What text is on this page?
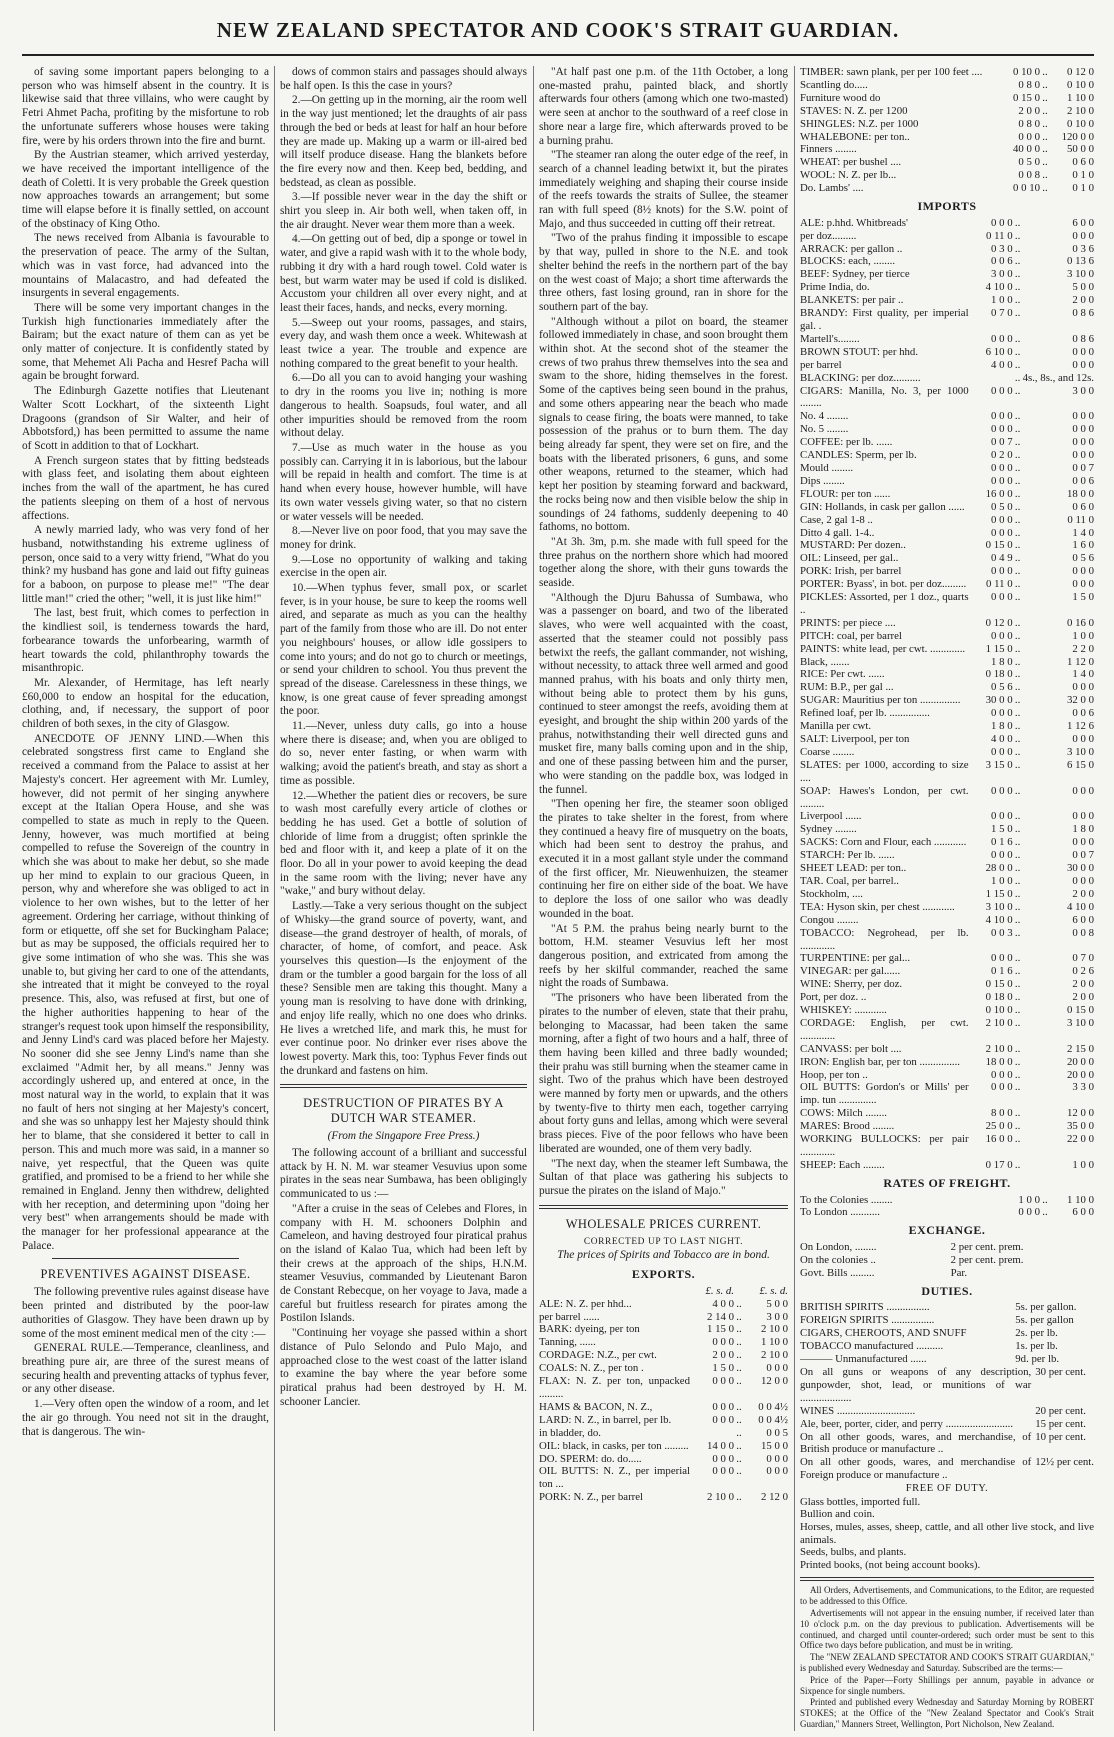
NEW ZEALAND SPECTATOR AND COOK'S STRAIT GUARDIAN.

of saving some important papers belonging to a person who was himself absent in the country. It is likewise said that three villains, who were caught by Fetri Ahmet Pacha, profiting by the misfortune to rob the unfortunate sufferers whose houses were taking fire, were by his orders thrown into the fire and burnt.

By the Austrian steamer, which arrived yesterday, we have received the important intelligence of the death of Coletti. It is very probable the Greek question now approaches towards an arrangement; but some time will elapse before it is finally settled, on account of the obstinacy of King Otho.

The news received from Albania is favourable to the preservation of peace. The army of the Sultan, which was in vast force, had advanced into the mountains of Malacastro, and had defeated the insurgents in several engagements.

There will be some very important changes in the Turkish high functionaries immediately after the Bairam; but the exact nature of them can as yet be only matter of conjecture. It is confidently stated by some, that Mehemet Ali Pacha and Hesref Pacha will again be brought forward.

The Edinburgh Gazette notifies that Lieutenant Walter Scott Lockhart, of the sixteenth Light Dragoons (grandson of Sir Walter, and heir of Abbotsford,) has been permitted to assume the name of Scott in addition to that of Lockhart.

A French surgeon states that by fitting bedsteads with glass feet, and isolating them about eighteen inches from the wall of the apartment, he has cured the patients sleeping on them of a host of nervous affections.

A newly married lady, who was very fond of her husband, notwithstanding his extreme ugliness of person, once said to a very witty friend, "What do you think? my husband has gone and laid out fifty guineas for a baboon, on purpose to please me!" "The dear little man!" cried the other; "well, it is just like him!"

The last, best fruit, which comes to perfection in the kindliest soil, is tenderness towards the hard, forbearance towards the unforbearing, warmth of heart towards the cold, philanthrophy towards the misanthropic.

Mr. Alexander, of Hermitage, has left nearly £60,000 to endow an hospital for the education, clothing, and, if necessary, the support of poor children of both sexes, in the city of Glasgow.

ANECDOTE OF JENNY LIND.—When this celebrated songstress first came to England she received a command from the Palace to assist at her Majesty's concert. Her agreement with Mr. Lumley, however, did not permit of her singing anywhere except at the Italian Opera House, and she was compelled to state as much in reply to the Queen. Jenny, however, was much mortified at being compelled to refuse the Sovereign of the country in which she was about to make her debut, so she made up her mind to explain to our gracious Queen, in person, why and wherefore she was obliged to act in violence to her own wishes, but to the letter of her agreement. Ordering her carriage, without thinking of form or etiquette, off she set for Buckingham Palace; but as may be supposed, the officials required her to give some intimation of who she was. This she was unable to, but giving her card to one of the attendants, she intreated that it might be conveyed to the royal presence. This, also, was refused at first, but one of the higher authorities happening to hear of the stranger's request took upon himself the responsibility, and Jenny Lind's card was placed before her Majesty. No sooner did she see Jenny Lind's name than she exclaimed "Admit her, by all means." Jenny was accordingly ushered up, and entered at once, in the most natural way in the world, to explain that it was no fault of hers not singing at her Majesty's concert, and she was so unhappy lest her Majesty should think her to blame, that she considered it better to call in person. This and much more was said, in a manner so naive, yet respectful, that the Queen was quite gratified, and promised to be a friend to her while she remained in England. Jenny then withdrew, delighted with her reception, and determining upon "doing her very best" when arrangements should be made with the manager for her professional appearance at the Palace.

PREVENTIVES AGAINST DISEASE.

The following preventive rules against disease have been printed and distributed by the poor-law authorities of Glasgow. They have been drawn up by some of the most eminent medical men of the city :—

GENERAL RULE.—Temperance, cleanliness, and breathing pure air, are three of the surest means of securing health and preventing attacks of typhus fever, or any other disease.

1.—Very often open the window of a room, and let the air go through. You need not sit in the draught, that is dangerous. The win-

dows of common stairs and passages should always be half open. Is this the case in yours?

2.—On getting up in the morning, air the room well in the way just mentioned; let the draughts of air pass through the bed or beds at least for half an hour before they are made up. Making up a warm or ill-aired bed will itself produce disease. Hang the blankets before the fire every now and then. Keep bed, bedding, and bedstead, as clean as possible.

3.—If possible never wear in the day the shift or shirt you sleep in. Air both well, when taken off, in the air draught. Never wear them more than a week.

4.—On getting out of bed, dip a sponge or towel in water, and give a rapid wash with it to the whole body, rubbing it dry with a hard rough towel. Cold water is best, but warm water may be used if cold is disliked. Accustom your children all over every night, and at least their faces, hands, and necks, every morning.

5.—Sweep out your rooms, passages, and stairs, every day, and wash them once a week. Whitewash at least twice a year. The trouble and expence are nothing compared to the great benefit to your health.

6.—Do all you can to avoid hanging your washing to dry in the rooms you live in; nothing is more dangerous to health. Soapsuds, foul water, and all other impurities should be removed from the room without delay.

7.—Use as much water in the house as you possibly can. Carrying it in is laborious, but the labour will be repaid in health and comfort. The time is at hand when every house, however humble, will have its own water vessels giving water, so that no cistern or water vessels will be needed.

8.—Never live on poor food, that you may save the money for drink.

9.—Lose no opportunity of walking and taking exercise in the open air.

10.—When typhus fever, small pox, or scarlet fever, is in your house, be sure to keep the rooms well aired, and separate as much as you can the healthy part of the family from those who are ill. Do not enter you neighbours' houses, or allow idle gossipers to come into yours; and do not go to church or meetings, or send your children to school. You thus prevent the spread of the disease. Carelessness in these things, we know, is one great cause of fever spreading amongst the poor.

11.—Never, unless duty calls, go into a house where there is disease; and, when you are obliged to do so, never enter fasting, or when warm with walking; avoid the patient's breath, and stay as short a time as possible.

12.—Whether the patient dies or recovers, be sure to wash most carefully every article of clothes or bedding he has used. Get a bottle of solution of chloride of lime from a druggist; often sprinkle the bed and floor with it, and keep a plate of it on the floor. Do all in your power to avoid keeping the dead in the same room with the living; never have any "wake," and bury without delay.

Lastly.—Take a very serious thought on the subject of Whisky—the grand source of poverty, want, and disease—the grand destroyer of health, of morals, of character, of home, of comfort, and peace. Ask yourselves this question—Is the enjoyment of the dram or the tumbler a good bargain for the loss of all these? Sensible men are taking this thought. Many a young man is resolving to have done with drinking, and enjoy life really, which no one does who drinks. He lives a wretched life, and mark this, he must for ever continue poor. No drinker ever rises above the lowest poverty. Mark this, too: Typhus Fever finds out the drunkard and fastens on him.

DESTRUCTION OF PIRATES BY A DUTCH WAR STEAMER.
(From the Singapore Free Press.)

The following account of a brilliant and successful attack by H. N. M. war steamer Vesuvius upon some pirates in the seas near Sumbawa, has been obligingly communicated to us :—

"After a cruise in the seas of Celebes and Flores, in company with H. M. schooners Dolphin and Cameleon, and having destroyed four piratical prahus on the island of Kalao Tua, which had been left by their crews at the approach of the ships, H.N.M. steamer Vesuvius, commanded by Lieutenant Baron de Constant Rebecque, on her voyage to Java, made a careful but fruitless research for pirates among the Postilon Islands.

"Continuing her voyage she passed within a short distance of Pulo Selondo and Pulo Majo, and approached close to the west coast of the latter island to examine the bay where the year before some piratical prahus had been destroyed by H. M. schooner Lancier.

"At half past one p.m. of the 11th October, a long one-masted prahu, painted black, and shortly afterwards four others (among which one two-masted) were seen at anchor to the southward of a reef close in shore near a large fire, which afterwards proved to be a burning prahu.

"The steamer ran along the outer edge of the reef, in search of a channel leading betwixt it, but the pirates immediately weighing and shaping their course inside of the reefs towards the straits of Sullee, the steamer ran with full speed (8½ knots) for the S.W. point of Majo, and thus succeeded in cutting off their retreat.

"Two of the prahus finding it impossible to escape by that way, pulled in shore to the N.E. and took shelter behind the reefs in the northern part of the bay on the west coast of Majo; a short time afterwards the three others, fast losing ground, ran in shore for the southern part of the bay.

"Although without a pilot on board, the steamer followed immediately in chase, and soon brought them within shot. At the second shot of the steamer the crews of two prahus threw themselves into the sea and swam to the shore, hiding themselves in the forest. Some of the captives being seen bound in the prahus, and some others appearing near the beach who made signals to cease firing, the boats were manned, to take possession of the prahus or to burn them. The day being already far spent, they were set on fire, and the boats with the liberated prisoners, 6 guns, and some other weapons, returned to the steamer, which had kept her position by steaming forward and backward, the rocks being now and then visible below the ship in soundings of 24 fathoms, suddenly deepening to 40 fathoms, no bottom.

"At 3h. 3m, p.m. she made with full speed for the three prahus on the northern shore which had moored together along the shore, with their guns towards the seaside.

"Although the Djuru Bahussa of Sumbawa, who was a passenger on board, and two of the liberated slaves, who were well acquainted with the coast, asserted that the steamer could not possibly pass betwixt the reefs, the gallant commander, not wishing, without necessity, to attack three well armed and good manned prahus, with his boats and only thirty men, without being able to protect them by his guns, continued to steer amongst the reefs, avoiding them at eyesight, and brought the ship within 200 yards of the prahus, notwithstanding their well directed guns and musket fire, many balls coming upon and in the ship, and one of these passing between him and the purser, who were standing on the paddle box, was lodged in the funnel.

"Then opening her fire, the steamer soon obliged the pirates to take shelter in the forest, from where they continued a heavy fire of musquetry on the boats, which had been sent to destroy the prahus, and executed it in a most gallant style under the command of the first officer, Mr. Nieuwenhuizen, the steamer continuing her fire on either side of the boat. We have to deplore the loss of one sailor who was deadly wounded in the boat.

"At 5 P.M. the prahus being nearly burnt to the bottom, H.M. steamer Vesuvius left her most dangerous position, and extricated from among the reefs by her skilful commander, reached the same night the roads of Sumbawa.

"The prisoners who have been liberated from the pirates to the number of eleven, state that their prahu, belonging to Macassar, had been taken the same morning, after a fight of two hours and a half, three of them having been killed and three badly wounded; their prahu was still burning when the steamer came in sight. Two of the prahus which have been destroyed were manned by forty men or upwards, and the others by twenty-five to thirty men each, together carrying about forty guns and lellas, among which were several brass pieces. Five of the poor fellows who have been liberated are wounded, one of them very badly.

"The next day, when the steamer left Sumbawa, the Sultan of that place was gathering his subjects to pursue the pirates on the island of Majo."

WHOLESALE PRICES CURRENT.
CORRECTED UP TO LAST NIGHT.
The prices of Spirits and Tobacco are in bond.
EXPORTS.
	£. s. d.		£. s. d.
ALE: N. Z. per hhd...	4 0 0	..	5 0 0
per barrel ......	2 14 0	..	3 0 0
BARK: dyeing, per ton	1 15 0	..	2 10 0
Tanning, ......	0 0 0	..	1 10 0
CORDAGE: N.Z., per cwt.	2 0 0	..	2 10 0
COALS: N. Z., per ton .	1 5 0	..	0 0 0
FLAX: N. Z. per ton, unpacked .........	0 0 0	..	12 0 0
HAMS & BACON, N. Z.,	0 0 0	..	0 0 4½
LARD: N. Z., in barrel, per lb.	0 0 0	..	0 0 4½
in bladder, do.		..	0 0 5
OIL: black, in casks, per ton .........	14 0 0	..	15 0 0
DO. SPERM: do. do.....	0 0 0	..	0 0 0
OIL BUTTS: N. Z., per imperial ton ...	0 0 0	..	0 0 0
PORK: N. Z., per barrel	2 10 0	..	2 12 0
TIMBER: sawn plank, per per 100 feet ....	0 10 0	..	0 12 0
Scantling do.....	0 8 0	..	0 10 0
Furniture wood do	0 15 0	..	1 10 0
STAVES: N. Z. per 1200	2 0 0	..	2 10 0
SHINGLES: N.Z. per 1000	0 8 0	..	0 10 0
WHALEBONE: per ton..	0 0 0	..	120 0 0
Finners ........	40 0 0	..	50 0 0
WHEAT: per bushel ....	0 5 0	..	0 6 0
WOOL: N. Z. per lb...	0 0 8	..	0 1 0
Do. Lambs' ....	0 0 10	..	0 1 0
IMPORTS
ALE: p.hhd. Whitbreads'	0 0 0	..	6 0 0
per doz.........	0 11 0	..	0 0 0
ARRACK: per gallon ..	0 3 0	..	0 3 6
BLOCKS: each, ........	0 0 6	..	0 13 6
BEEF: Sydney, per tierce	3 0 0	..	3 10 0
Prime India, do.	4 10 0	..	5 0 0
BLANKETS: per pair ..	1 0 0	..	2 0 0
BRANDY: First quality, per imperial gal. .	0 7 0	..	0 8 6
Martell's........	0 0 0	..	0 8 6
BROWN STOUT: per hhd.	6 10 0	..	0 0 0
per barrel	4 0 0	..	0 0 0
BLACKING: per doz..........		..	4s., 8s., and 12s.
CIGARS: Manilla, No. 3, per 1000 ........	0 0 0	..	3 0 0
No. 4 ........	0 0 0	..	0 0 0
No. 5 ........	0 0 0	..	0 0 0
COFFEE: per lb. ......	0 0 7	..	0 0 0
CANDLES: Sperm, per lb.	0 2 0	..	0 0 0
Mould ........	0 0 0	..	0 0 7
Dips ........	0 0 0	..	0 0 6
FLOUR: per ton ......	16 0 0	..	18 0 0
GIN: Hollands, in cask per gallon ......	0 5 0	..	0 6 0
Case, 2 gal 1-8 ..	0 0 0	..	0 11 0
Ditto 4 gall. 1-4..	0 0 0	..	1 4 0
MUSTARD: Per dozen..	0 15 0	..	1 6 0
OIL: Linseed, per gal..	0 4 9	..	0 5 6
PORK: Irish, per barrel	0 0 0	..	0 0 0
PORTER: Byass', in bot. per doz.........	0 11 0	..	0 0 0
PICKLES: Assorted, per 1 doz., quarts ..	0 0 0	..	1 5 0
PRINTS: per piece ....	0 12 0	..	0 16 0
PITCH: coal, per barrel	0 0 0	..	1 0 0
PAINTS: white lead, per cwt. .............	1 15 0	..	2 2 0
Black, .......	1 8 0	..	1 12 0
RICE: Per cwt. ......	0 18 0	..	1 4 0
RUM: B.P., per gal ...	0 5 6	..	0 0 0
SUGAR: Mauritius per ton ...............	30 0 0	..	32 0 0
Refined loaf, per lb. ...............	0 0 0	..	0 0 6
Manilla per cwt.	1 8 0	..	1 12 6
SALT: Liverpool, per ton	4 0 0	..	0 0 0
Coarse ........	0 0 0	..	3 10 0
SLATES: per 1000, according to size ....	3 15 0	..	6 15 0
SOAP: Hawes's London, per cwt. .........	0 0 0	..	0 0 0
Liverpool ......	0 0 0	..	0 0 0
Sydney ........	1 5 0	..	1 8 0
SACKS: Corn and Flour, each ............	0 1 6	..	0 0 0
STARCH: Per lb. ......	0 0 0	..	0 0 7
SHEET LEAD: per ton..	28 0 0	..	30 0 0
TAR. Coal, per barrel..	1 0 0	..	0 0 0
Stockholm, ....	1 15 0	..	2 0 0
TEA: Hyson skin, per chest ............	3 10 0	..	4 10 0
Congou ........	4 10 0	..	6 0 0
TOBACCO: Negrohead, per lb. .............	0 0 3	..	0 0 8
TURPENTINE: per gal...	0 0 0	..	0 7 0
VINEGAR: per gal......	0 1 6	..	0 2 6
WINE: Sherry, per doz.	0 15 0	..	2 0 0
Port, per doz. ..	0 18 0	..	2 0 0
WHISKEY: ............	0 10 0	..	0 15 0
CORDAGE: English, per cwt. .............	2 10 0	..	3 10 0
CANVASS: per bolt ....	2 10 0	..	2 15 0
IRON: English bar, per ton ...............	18 0 0	..	20 0 0
Hoop, per ton ..	0 0 0	..	20 0 0
OIL BUTTS: Gordon's or Mills' per imp. tun ..............	0 0 0	..	3 3 0
COWS: Milch ........	8 0 0	..	12 0 0
MARES: Brood ........	25 0 0	..	35 0 0
WORKING BULLOCKS: per pair .............	16 0 0	..	22 0 0
SHEEP: Each ........	0 17 0	..	1 0 0
RATES OF FREIGHT.
To the Colonies ........	1 0 0	..	1 10 0
To London ...........	0 0 0	..	6 0 0
EXCHANGE.
On London, ........	2 per cent. prem.
On the colonies ..	2 per cent. prem.
Govt. Bills .........	Par.
DUTIES.
BRITISH SPIRITS ................	5s. per gallon.
FOREIGN SPIRITS ................	5s. per gallon
CIGARS, CHEROOTS, AND SNUFF	2s. per lb.
TOBACCO manufactured ..........	1s. per lb.
——— Unmanufactured ......	9d. per lb.
On all guns or weapons of any description, gunpowder, shot, lead, or munitions of war ...................	30 per cent.
WINES .............................	20 per cent.
Ale, beer, porter, cider, and perry .........................	15 per cent.
On all other goods, wares, and merchandise, of British produce or manufacture ..	10 per cent.
On all other goods, wares, and merchandise of Foreign produce or manufacture ..	12½ per cent.
FREE OF DUTY.
Glass bottles, imported full.
Bullion and coin.
Horses, mules, asses, sheep, cattle, and all other live stock, and live animals.
Seeds, bulbs, and plants.
Printed books, (not being account books).

All Orders, Advertisements, and Communications, to the Editor, are requested to be addressed to this Office.

Advertisements will not appear in the ensuing number, if received later than 10 o'clock p.m. on the day previous to publication. Advertisements will be continued, and charged until counter-ordered; such order must be sent to this Office two days before publication, and must be in writing.

The "NEW ZEALAND SPECTATOR AND COOK'S STRAIT GUARDIAN," is published every Wednesday and Saturday. Subscribed are the terms:—

Price of the Paper—Forty Shillings per annum, payable in advance or Sixpence for single numbers.

Printed and published every Wednesday and Saturday Morning by ROBERT STOKES; at the Office of the "New Zealand Spectator and Cook's Strait Guardian," Manners Street, Wellington, Port Nicholson, New Zealand.
